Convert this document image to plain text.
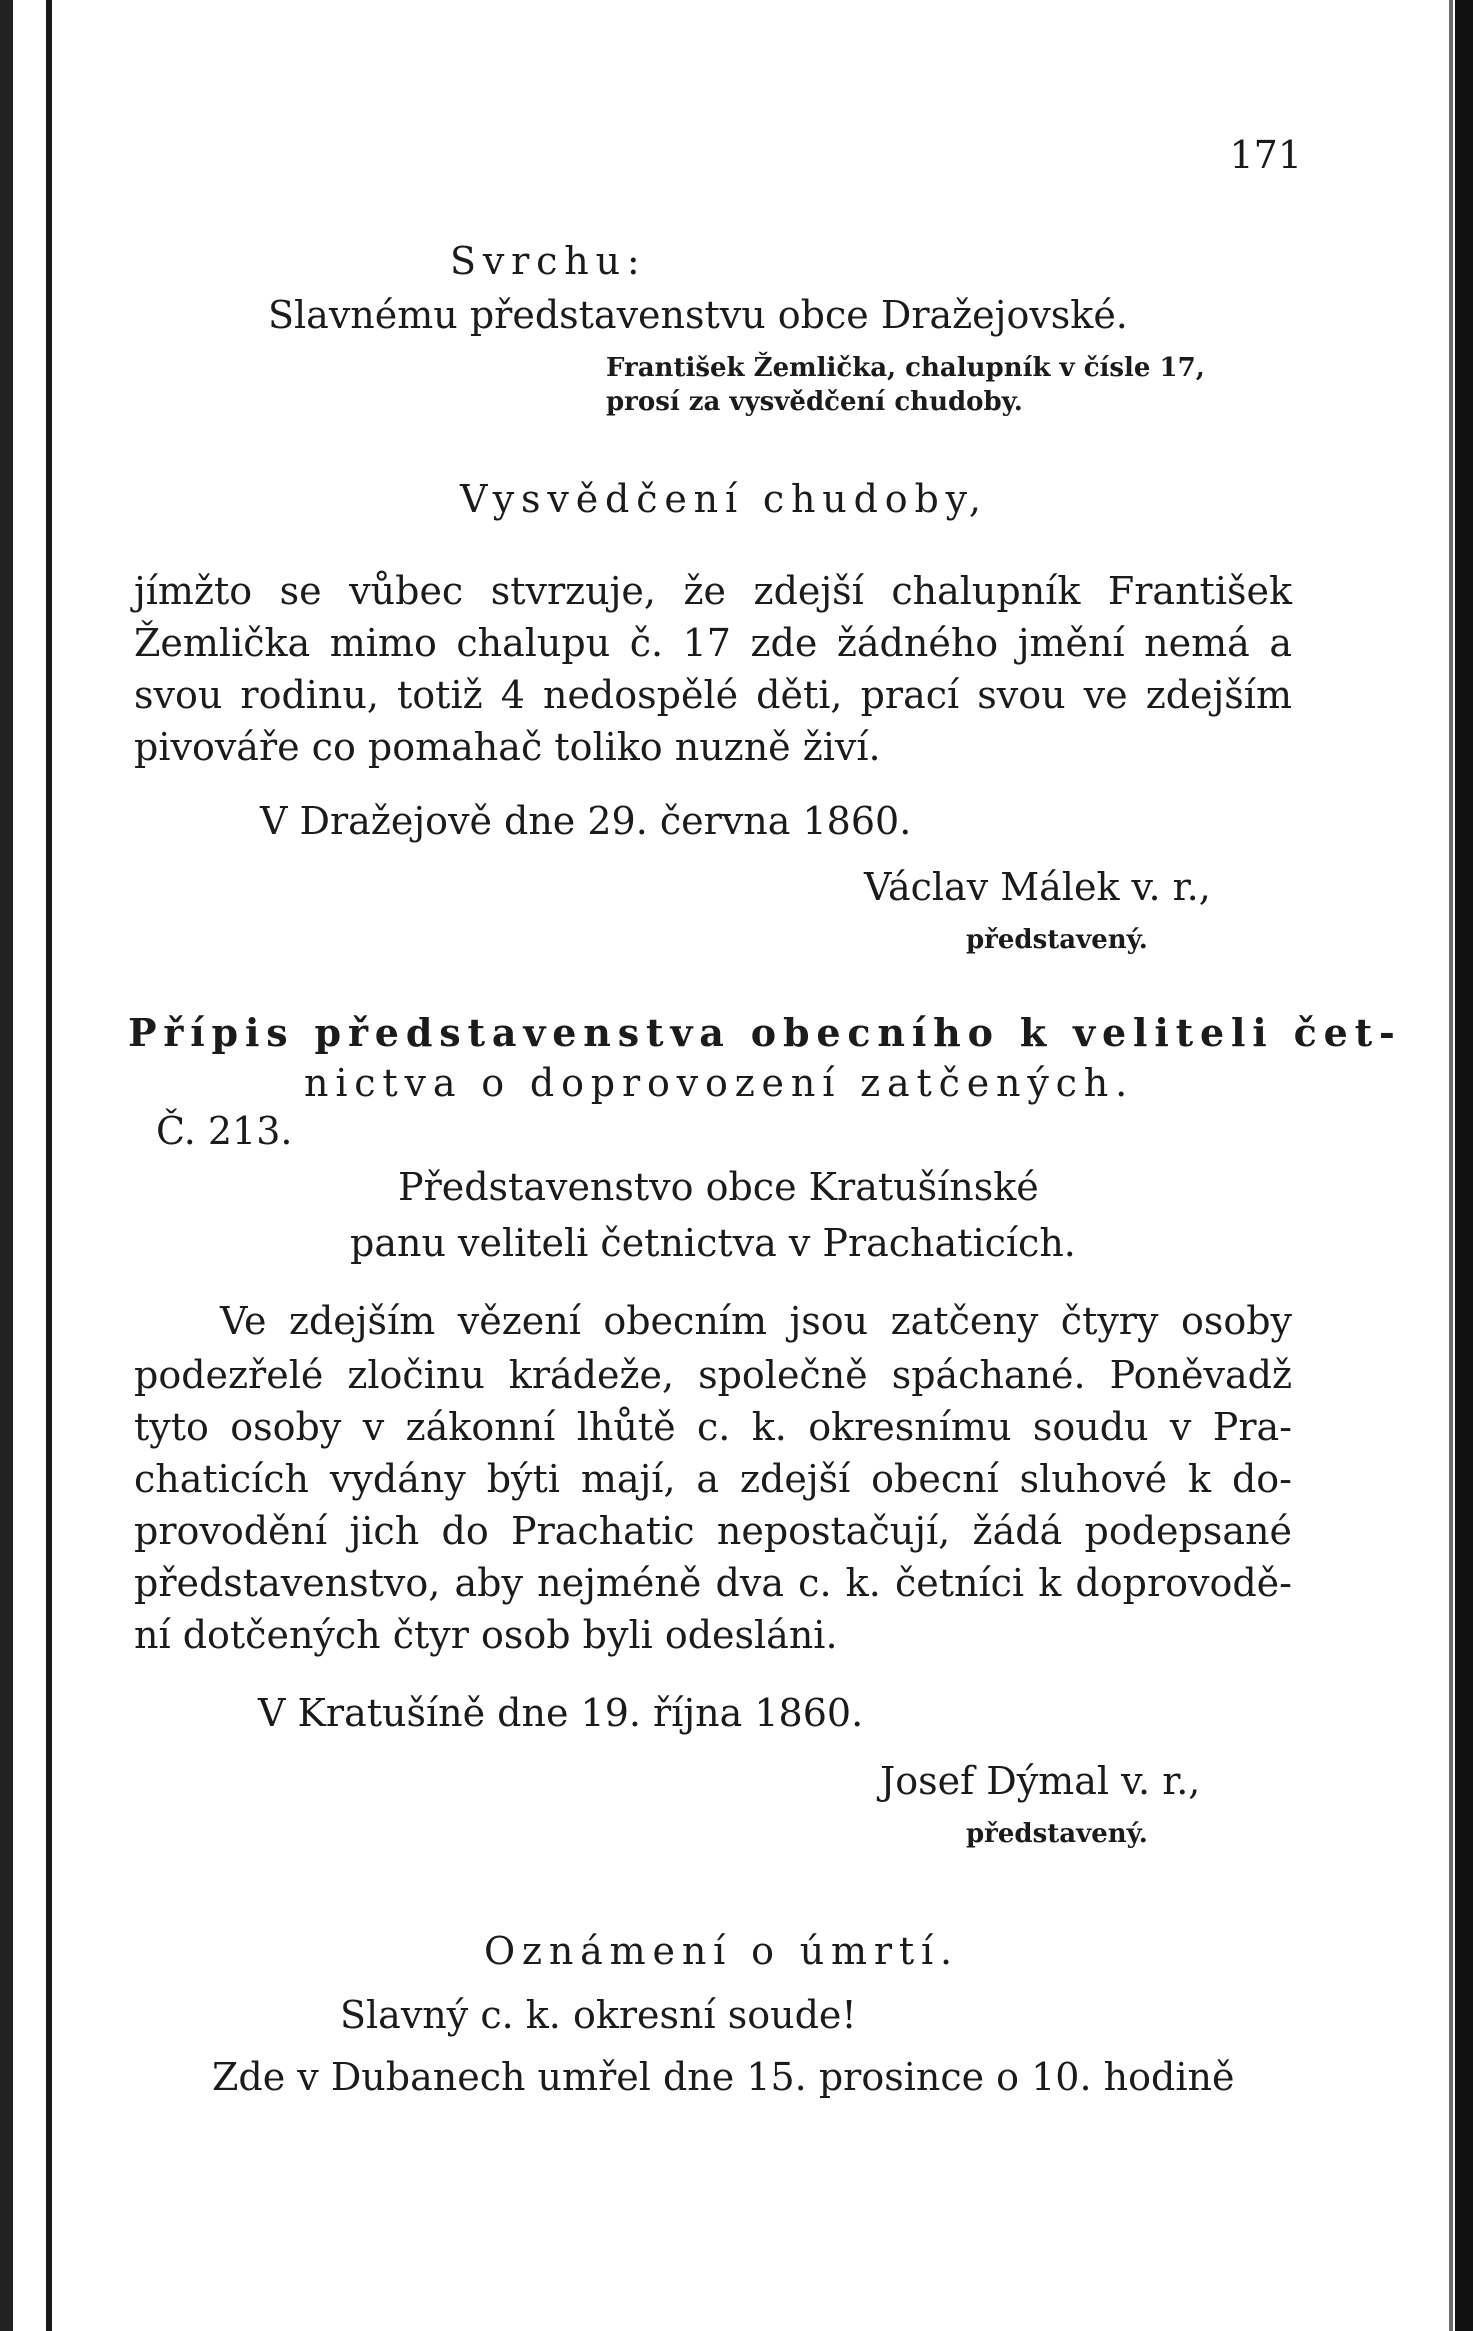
171
Svrchu:
Slavnému představenstvu obce Dražejovské.
František Žemlička, chalupník v čísle 17,
prosí za vysvědčení chudoby.
Vysvědčení chudoby,
jímžto se vůbec stvrzuje, že zdejší chalupník František
Žemlička mimo chalupu č. 17 zde žádného jmění nemá a
svou rodinu, totiž 4 nedospělé děti, prací svou ve zdejším
pivováře co pomahač toliko nuzně živí.
V Dražejově dne 29. června 1860.
Václav Málek v. r.,
představený.
Přípis představenstva obecního k veliteli čet-
nictva o doprovození zatčených.
Č. 213.
Představenstvo obce Kratušínské
panu veliteli četnictva v Prachaticích.
Ve zdejším vězení obecním jsou zatčeny čtyry osoby
podezřelé zločinu krádeže, společně spáchané. Poněvadž
tyto osoby v zákonní lhůtě c. k. okresnímu soudu v Pra-
chaticích vydány býti mají, a zdejší obecní sluhové k do-
provodění jich do Prachatic nepostačují, žádá podepsané
představenstvo, aby nejméně dva c. k. četníci k doprovodě-
ní dotčených čtyr osob byli odesláni.
V Kratušíně dne 19. října 1860.
Josef Dýmal v. r.,
představený.
Oznámení o úmrtí.
Slavný c. k. okresní soude!
Zde v Dubanech umřel dne 15. prosince o 10. hodině
